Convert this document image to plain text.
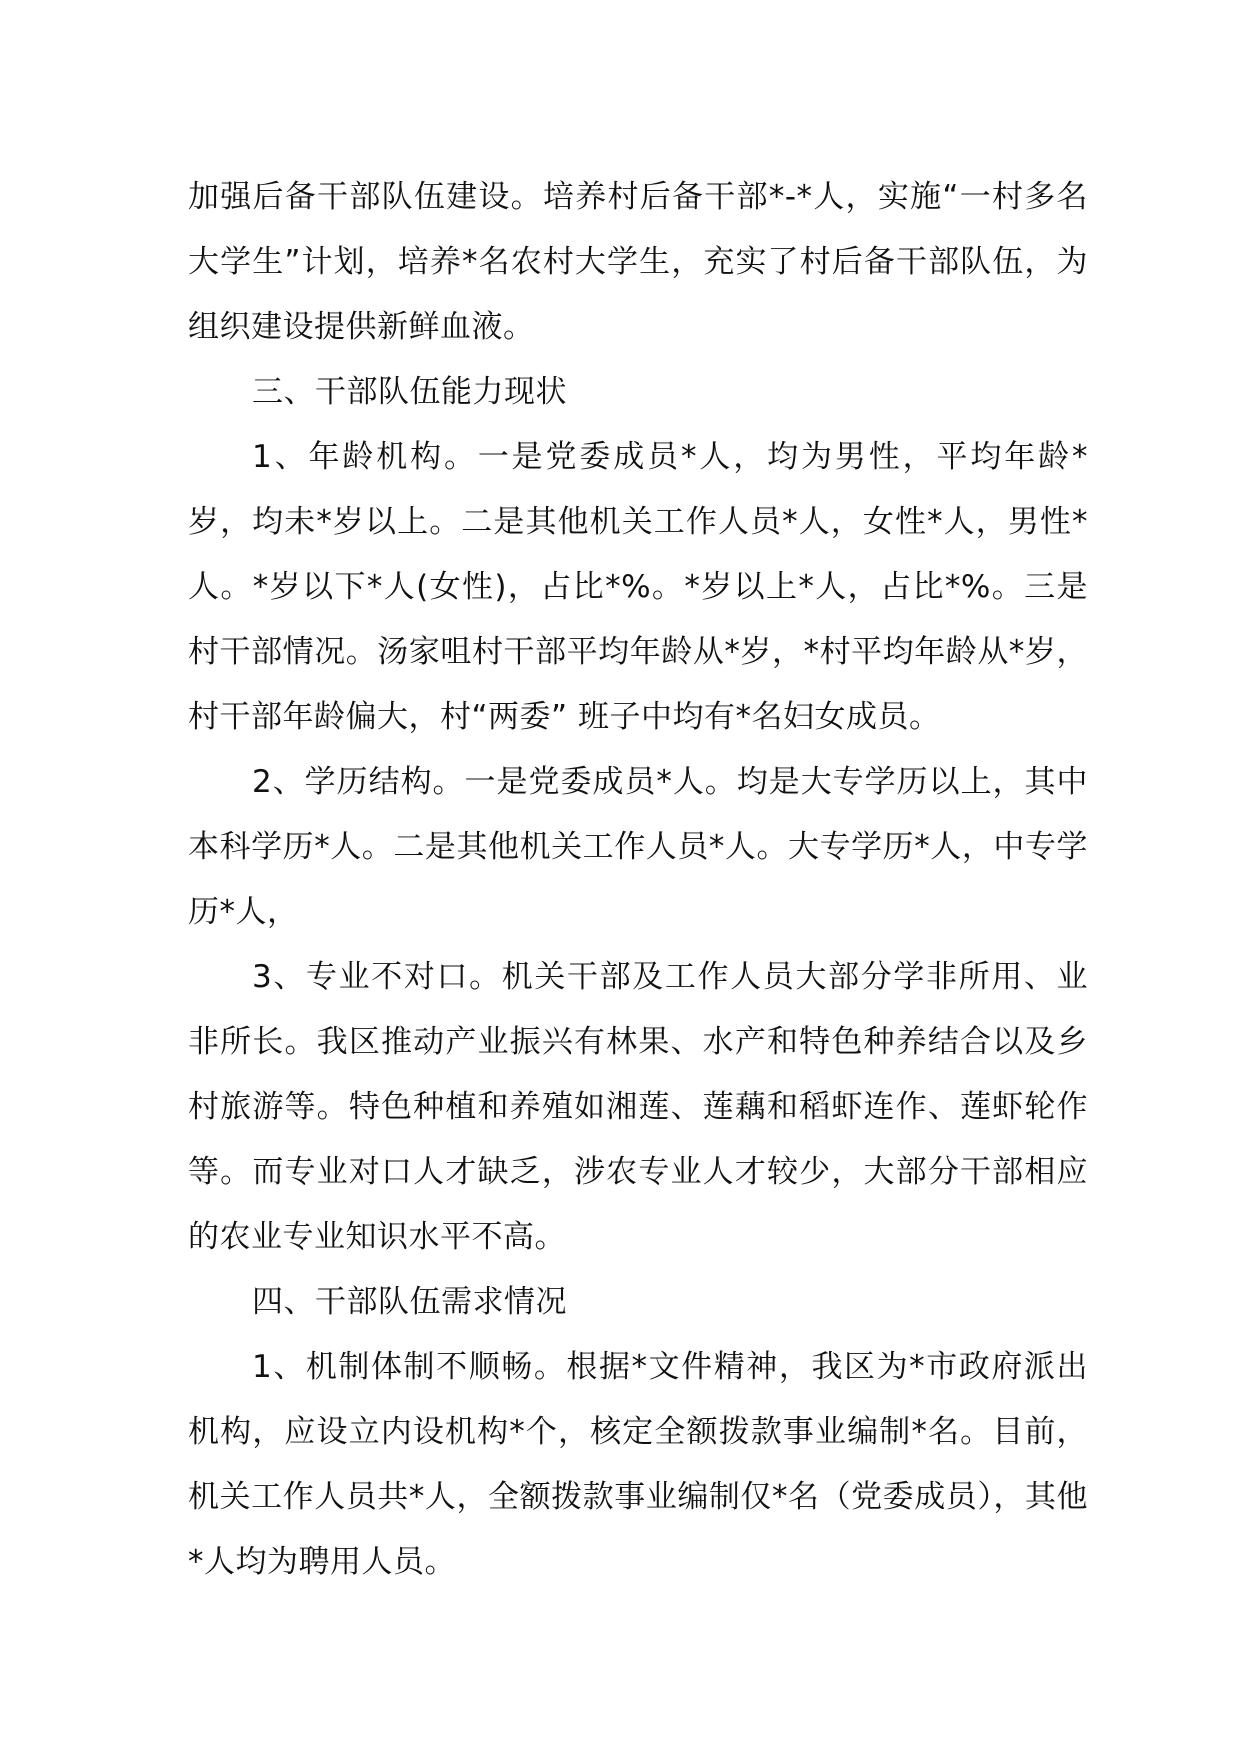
加强后备干部队伍建设。培养村后备干部*-*人，实施“一村多名大学生”计划，培养*名农村大学生，充实了村后备干部队伍，为组织建设提供新鲜血液。

三、干部队伍能力现状

1、年龄机构。一是党委成员*人，均为男性，平均年龄*岁，均未*岁以上。二是其他机关工作人员*人，女性*人，男性*人。*岁以下*人(女性)，占比*%。*岁以上*人，占比*%。三是村干部情况。汤家咀村干部平均年龄从*岁，*村平均年龄从*岁，村干部年龄偏大，村“两委” 班子中均有*名妇女成员。

2、学历结构。一是党委成员*人。均是大专学历以上，其中本科学历*人。二是其他机关工作人员*人。大专学历*人，中专学历*人，

3、专业不对口。机关干部及工作人员大部分学非所用、业非所长。我区推动产业振兴有林果、水产和特色种养结合以及乡村旅游等。特色种植和养殖如湘莲、莲藕和稻虾连作、莲虾轮作等。而专业对口人才缺乏，涉农专业人才较少，大部分干部相应的农业专业知识水平不高。

四、干部队伍需求情况

1、机制体制不顺畅。根据*文件精神，我区为*市政府派出机构，应设立内设机构*个，核定全额拨款事业编制*名。目前，机关工作人员共*人，全额拨款事业编制仅*名（党委成员），其他*人均为聘用人员。
